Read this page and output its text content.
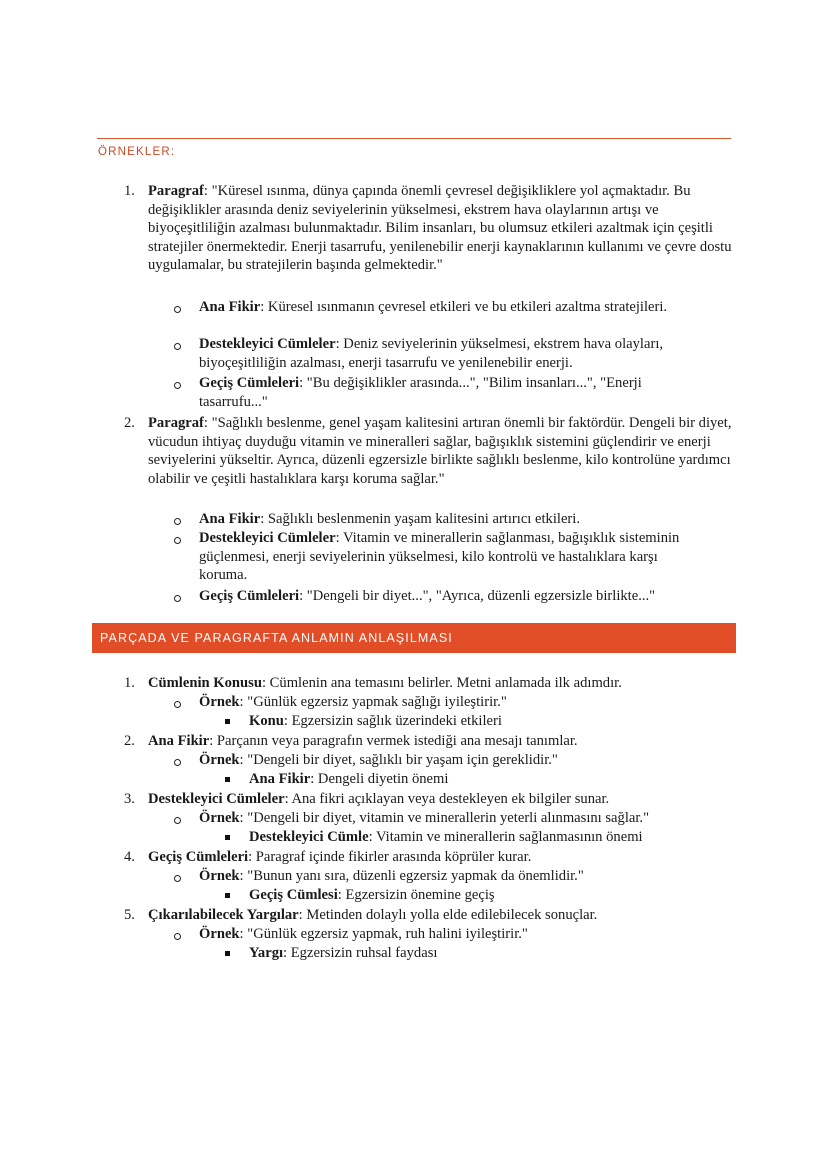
ÖRNEKLER:
1. Paragraf: "Küresel ısınma, dünya çapında önemli çevresel değişikliklere yol açmaktadır. Bu değişiklikler arasında deniz seviyelerinin yükselmesi, ekstrem hava olaylarının artışı ve biyoçeşitliliğin azalması bulunmaktadır. Bilim insanları, bu olumsuz etkileri azaltmak için çeşitli stratejiler önermektedir. Enerji tasarrufu, yenilenebilir enerji kaynaklarının kullanımı ve çevre dostu uygulamalar, bu stratejilerin başında gelmektedir."
Ana Fikir: Küresel ısınmanın çevresel etkileri ve bu etkileri azaltma stratejileri.
Destekleyici Cümleler: Deniz seviyelerinin yükselmesi, ekstrem hava olayları, biyoçeşitliliğin azalması, enerji tasarrufu ve yenilenebilir enerji.
Geçiş Cümleleri: "Bu değişiklikler arasında...", "Bilim insanları...", "Enerji tasarrufu..."
2. Paragraf: "Sağlıklı beslenme, genel yaşam kalitesini artıran önemli bir faktördür. Dengeli bir diyet, vücudun ihtiyaç duyduğu vitamin ve mineralleri sağlar, bağışıklık sistemini güçlendirir ve enerji seviyelerini yükseltir. Ayrıca, düzenli egzersizle birlikte sağlıklı beslenme, kilo kontrolüne yardımcı olabilir ve çeşitli hastalıklara karşı koruma sağlar."
Ana Fikir: Sağlıklı beslenmenin yaşam kalitesini artırıcı etkileri.
Destekleyici Cümleler: Vitamin ve minerallerin sağlanması, bağışıklık sisteminin güçlenmesi, enerji seviyelerinin yükselmesi, kilo kontrolü ve hastalıklara karşı koruma.
Geçiş Cümleleri: "Dengeli bir diyet...", "Ayrıca, düzenli egzersizle birlikte..."
PARÇADA VE PARAGRAFTA ANLAMIN ANLAŞILMASI
1. Cümlenin Konusu: Cümlenin ana temasını belirler. Metni anlamada ilk adımdır.
Örnek: "Günlük egzersiz yapmak sağlığı iyileştirir."
Konu: Egzersizin sağlık üzerindeki etkileri
2. Ana Fikir: Parçanın veya paragrafın vermek istediği ana mesajı tanımlar.
Örnek: "Dengeli bir diyet, sağlıklı bir yaşam için gereklidir."
Ana Fikir: Dengeli diyetin önemi
3. Destekleyici Cümleler: Ana fikri açıklayan veya destekleyen ek bilgiler sunar.
Örnek: "Dengeli bir diyet, vitamin ve minerallerin yeterli alınmasını sağlar."
Destekleyici Cümle: Vitamin ve minerallerin sağlanmasının önemi
4. Geçiş Cümleleri: Paragraf içinde fikirler arasında köprüler kurar.
Örnek: "Bunun yanı sıra, düzenli egzersiz yapmak da önemlidir."
Geçiş Cümlesi: Egzersizin önemine geçiş
5. Çıkarılabilecek Yargılar: Metinden dolaylı yolla elde edilebilecek sonuçlar.
Örnek: "Günlük egzersiz yapmak, ruh halini iyileştirir."
Yargı: Egzersizin ruhsal faydası
